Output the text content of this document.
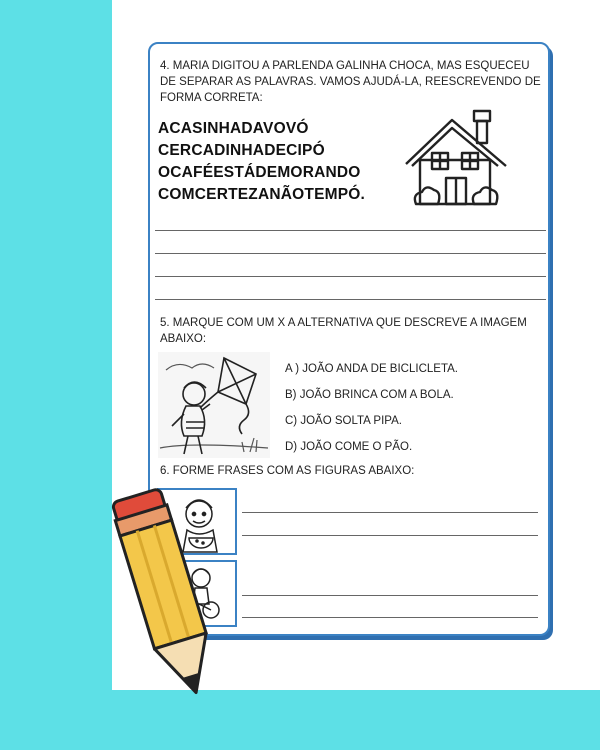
4. MARIA DIGITOU A PARLENDA GALINHA CHOCA, MAS ESQUECEU
DE SEPARAR AS PALAVRAS. VAMOS AJUDÁ-LA, REESCREVENDO DE
FORMA CORRETA:
ACASINHADAVOVÓ
CERCADINHADECIPÓ
OCAFÉESTÁDEMORANDO
COMCERTEZANÃOTEMPÓ.
5. MARQUE COM UM X A ALTERNATIVA QUE DESCREVE A IMAGEM
ABAIXO:
A ) JOÃO ANDA DE BICLICLETA.
B) JOÃO BRINCA COM A BOLA.
C) JOÃO SOLTA PIPA.
D) JOÃO COME O PÃO.
6. FORME FRASES COM AS FIGURAS ABAIXO:
